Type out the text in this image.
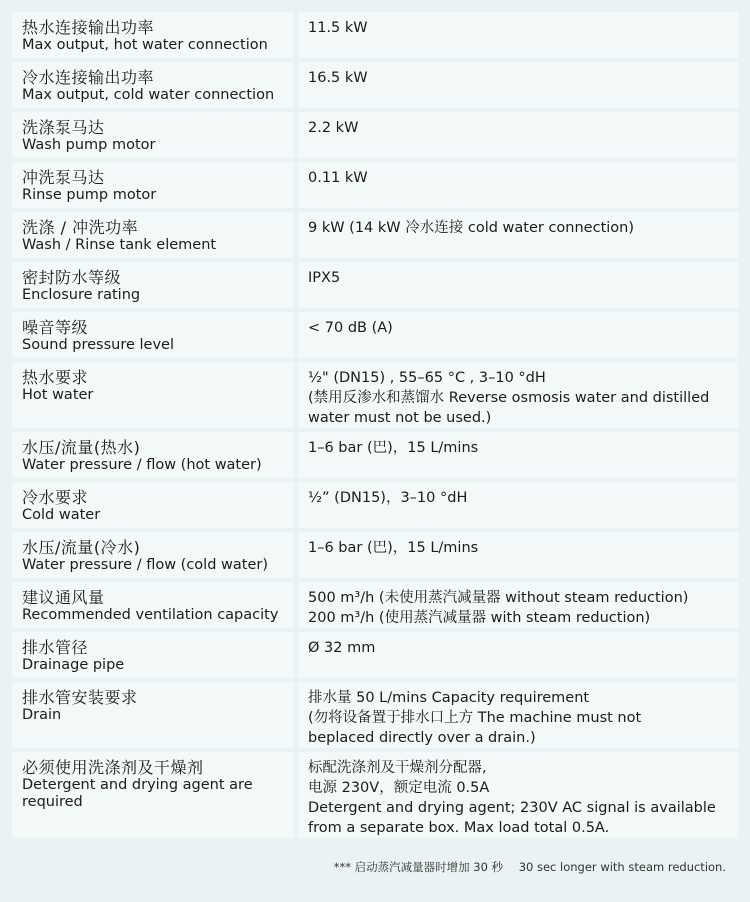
热水连接输出功率
Max output, hot water connection
11.5 kW
冷水连接输出功率
Max output, cold water connection
16.5 kW
洗涤泵马达
Wash pump motor
2.2 kW
冲洗泵马达
Rinse pump motor
0.11 kW
洗涤 / 冲洗功率
Wash / Rinse tank element
9 kW (14 kW 冷水连接 cold water connection)
密封防水等级
Enclosure rating
IPX5
噪音等级
Sound pressure level
< 70 dB (A)
热水要求
Hot water
½" (DN15) , 55–65 °C , 3–10 °dH
(禁用反渗水和蒸馏水 Reverse osmosis water and distilled
water must not be used.)
水压/流量(热水)
Water pressure / flow (hot water)
1–6 bar (巴)，15 L/mins
冷水要求
Cold water
½” (DN15)，3–10 °dH
水压/流量(冷水)
Water pressure / flow (cold water)
1–6 bar (巴)，15 L/mins
建议通风量
Recommended ventilation capacity
500 m³/h (未使用蒸汽减量器 without steam reduction)
200 m³/h (使用蒸汽减量器 with steam reduction)
排水管径
Drainage pipe
Ø 32 mm
排水管安装要求
Drain
排水量 50 L/mins Capacity requirement
(勿将设备置于排水口上方 The machine must not
beplaced directly over a drain.)
必须使用洗涤剂及干燥剂
Detergent and drying agent are required
标配洗涤剂及干燥剂分配器,
电源 230V，额定电流 0.5A
Detergent and drying agent; 230V AC signal is available
from a separate box. Max load total 0.5A.
*** 启动蒸汽减量器时增加 30 秒 30 sec longer with steam reduction.
